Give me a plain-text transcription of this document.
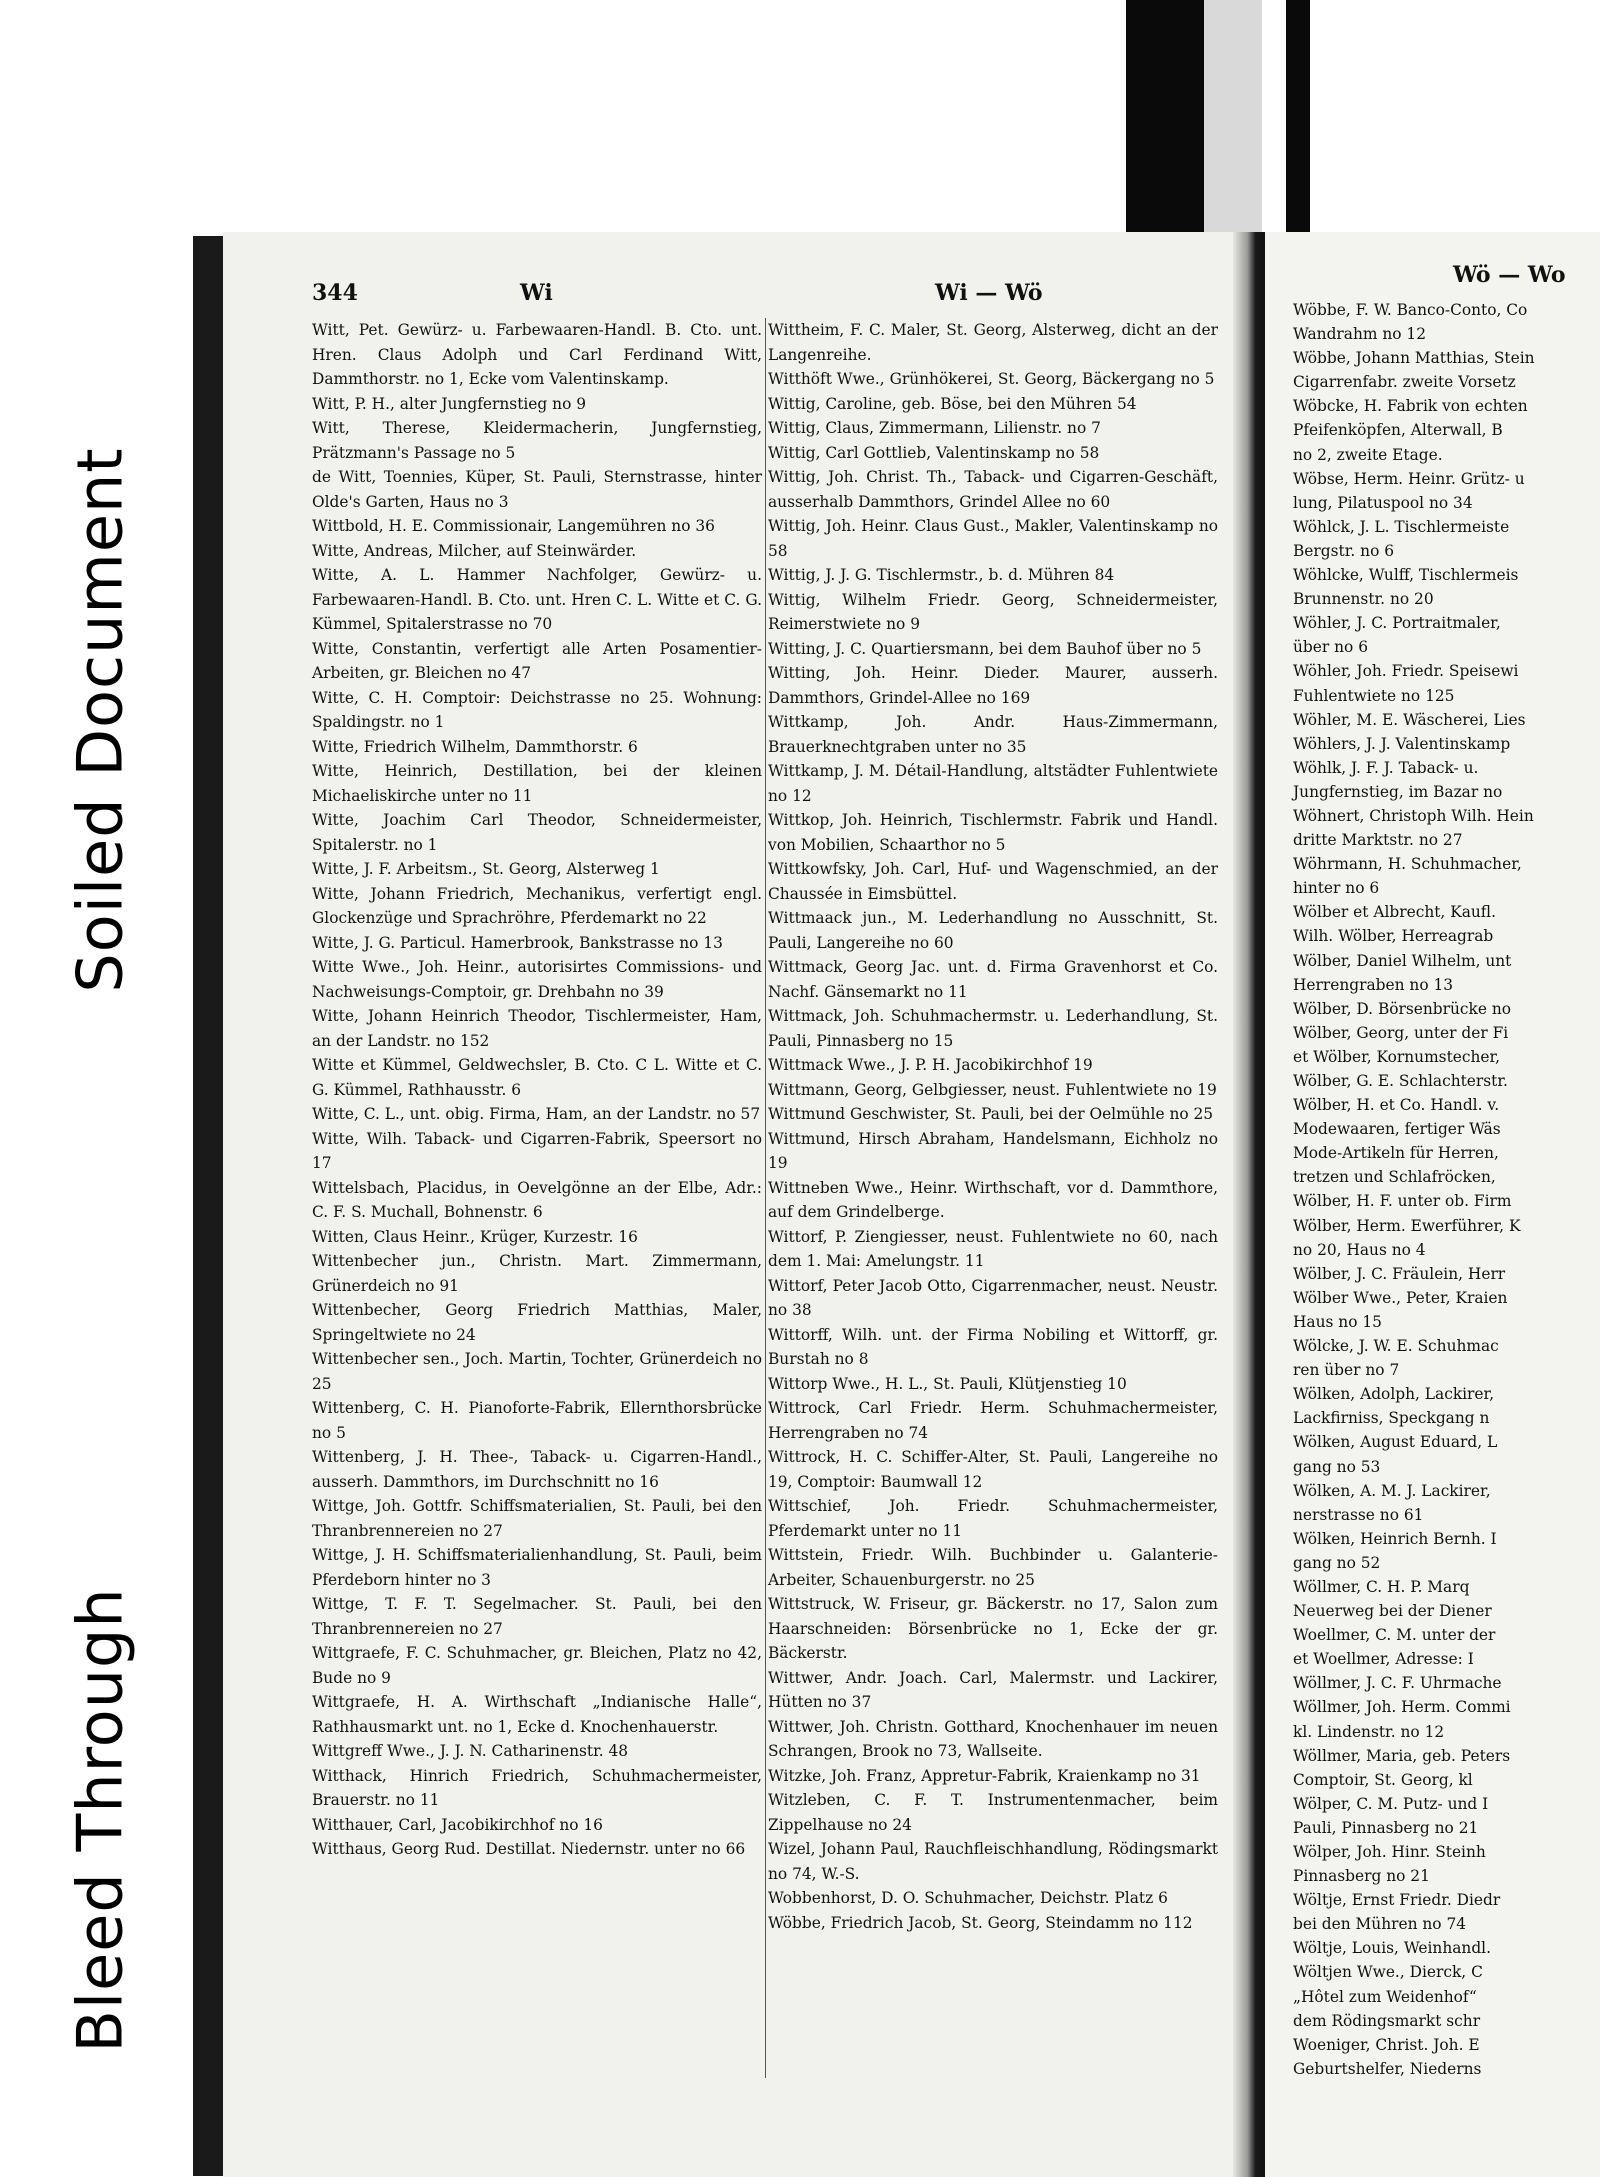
Soiled Document
Bleed Through
344	Wi	Wi — Wö
Wö — Wo

Witt, Pet. Gewürz- u. Farbewaaren-Handl. B. Cto. unt. Hren. Claus Adolph und Carl Ferdinand Witt, Dammthorstr. no 1, Ecke vom Valentinskamp.

Witt, P. H., alter Jungfernstieg no 9

Witt, Therese, Kleidermacherin, Jungfernstieg, Prätzmann's Passage no 5

de Witt, Toennies, Küper, St. Pauli, Sternstrasse, hinter Olde's Garten, Haus no 3

Wittbold, H. E. Commissionair, Langemühren no 36

Witte, Andreas, Milcher, auf Steinwärder.

Witte, A. L. Hammer Nachfolger, Gewürz- u. Farbewaaren-Handl. B. Cto. unt. Hren C. L. Witte et C. G. Kümmel, Spitalerstrasse no 70

Witte, Constantin, verfertigt alle Arten Posamentier-Arbeiten, gr. Bleichen no 47

Witte, C. H. Comptoir: Deichstrasse no 25. Wohnung: Spaldingstr. no 1

Witte, Friedrich Wilhelm, Dammthorstr. 6

Witte, Heinrich, Destillation, bei der kleinen Michaeliskirche unter no 11

Witte, Joachim Carl Theodor, Schneidermeister, Spitalerstr. no 1

Witte, J. F. Arbeitsm., St. Georg, Alsterweg 1

Witte, Johann Friedrich, Mechanikus, verfertigt engl. Glockenzüge und Sprachröhre, Pferdemarkt no 22

Witte, J. G. Particul. Hamerbrook, Bankstrasse no 13

Witte Wwe., Joh. Heinr., autorisirtes Commissions- und Nachweisungs-Comptoir, gr. Drehbahn no 39

Witte, Johann Heinrich Theodor, Tischlermeister, Ham, an der Landstr. no 152

Witte et Kümmel, Geldwechsler, B. Cto. C L. Witte et C. G. Kümmel, Rathhausstr. 6

Witte, C. L., unt. obig. Firma, Ham, an der Landstr. no 57

Witte, Wilh. Taback- und Cigarren-Fabrik, Speersort no 17

Wittelsbach, Placidus, in Oevelgönne an der Elbe, Adr.: C. F. S. Muchall, Bohnenstr. 6

Witten, Claus Heinr., Krüger, Kurzestr. 16

Wittenbecher jun., Christn. Mart. Zimmermann, Grünerdeich no 91

Wittenbecher, Georg Friedrich Matthias, Maler, Springeltwiete no 24

Wittenbecher sen., Joch. Martin, Tochter, Grünerdeich no 25

Wittenberg, C. H. Pianoforte-Fabrik, Ellernthorsbrücke no 5

Wittenberg, J. H. Thee-, Taback- u. Cigarren-Handl., ausserh. Dammthors, im Durchschnitt no 16

Wittge, Joh. Gottfr. Schiffsmaterialien, St. Pauli, bei den Thranbrennereien no 27

Wittge, J. H. Schiffsmaterialienhandlung, St. Pauli, beim Pferdeborn hinter no 3

Wittge, T. F. T. Segelmacher. St. Pauli, bei den Thranbrennereien no 27

Wittgraefe, F. C. Schuhmacher, gr. Bleichen, Platz no 42, Bude no 9

Wittgraefe, H. A. Wirthschaft „Indianische Halle“, Rathhausmarkt unt. no 1, Ecke d. Knochenhauerstr.

Wittgreff Wwe., J. J. N. Catharinenstr. 48

Witthack, Hinrich Friedrich, Schuhmachermeister, Brauerstr. no 11

Witthauer, Carl, Jacobikirchhof no 16

Witthaus, Georg Rud. Destillat. Niedernstr. unter no 66

Wittheim, F. C. Maler, St. Georg, Alsterweg, dicht an der Langenreihe.

Witthöft Wwe., Grünhökerei, St. Georg, Bäckergang no 5

Wittig, Caroline, geb. Böse, bei den Mühren 54

Wittig, Claus, Zimmermann, Lilienstr. no 7

Wittig, Carl Gottlieb, Valentinskamp no 58

Wittig, Joh. Christ. Th., Taback- und Cigarren-Geschäft, ausserhalb Dammthors, Grindel Allee no 60

Wittig, Joh. Heinr. Claus Gust., Makler, Valentinskamp no 58

Wittig, J. J. G. Tischlermstr., b. d. Mühren 84

Wittig, Wilhelm Friedr. Georg, Schneidermeister, Reimerstwiete no 9

Witting, J. C. Quartiersmann, bei dem Bauhof über no 5

Witting, Joh. Heinr. Dieder. Maurer, ausserh. Dammthors, Grindel-Allee no 169

Wittkamp, Joh. Andr. Haus-Zimmermann, Brauerknechtgraben unter no 35

Wittkamp, J. M. Détail-Handlung, altstädter Fuhlentwiete no 12

Wittkop, Joh. Heinrich, Tischlermstr. Fabrik und Handl. von Mobilien, Schaarthor no 5

Wittkowfsky, Joh. Carl, Huf- und Wagenschmied, an der Chaussée in Eimsbüttel.

Wittmaack jun., M. Lederhandlung no Ausschnitt, St. Pauli, Langereihe no 60

Wittmack, Georg Jac. unt. d. Firma Gravenhorst et Co. Nachf. Gänsemarkt no 11

Wittmack, Joh. Schuhmachermstr. u. Lederhandlung, St. Pauli, Pinnasberg no 15

Wittmack Wwe., J. P. H. Jacobikirchhof 19

Wittmann, Georg, Gelbgiesser, neust. Fuhlentwiete no 19

Wittmund Geschwister, St. Pauli, bei der Oelmühle no 25

Wittmund, Hirsch Abraham, Handelsmann, Eichholz no 19

Wittneben Wwe., Heinr. Wirthschaft, vor d. Dammthore, auf dem Grindelberge.

Wittorf, P. Ziengiesser, neust. Fuhlentwiete no 60, nach dem 1. Mai: Amelungstr. 11

Wittorf, Peter Jacob Otto, Cigarrenmacher, neust. Neustr. no 38

Wittorff, Wilh. unt. der Firma Nobiling et Wittorff, gr. Burstah no 8

Wittorp Wwe., H. L., St. Pauli, Klütjenstieg 10

Wittrock, Carl Friedr. Herm. Schuhmachermeister, Herrengraben no 74

Wittrock, H. C. Schiffer-Alter, St. Pauli, Langereihe no 19, Comptoir: Baumwall 12

Wittschief, Joh. Friedr. Schuhmachermeister, Pferdemarkt unter no 11

Wittstein, Friedr. Wilh. Buchbinder u. Galanterie-Arbeiter, Schauenburgerstr. no 25

Wittstruck, W. Friseur, gr. Bäckerstr. no 17, Salon zum Haarschneiden: Börsenbrücke no 1, Ecke der gr. Bäckerstr.

Wittwer, Andr. Joach. Carl, Malermstr. und Lackirer, Hütten no 37

Wittwer, Joh. Christn. Gotthard, Knochenhauer im neuen Schrangen, Brook no 73, Wallseite.

Witzke, Joh. Franz, Appretur-Fabrik, Kraienkamp no 31

Witzleben, C. F. T. Instrumentenmacher, beim Zippelhause no 24

Wizel, Johann Paul, Rauchfleischhandlung, Rödingsmarkt no 74, W.-S.

Wobbenhorst, D. O. Schuhmacher, Deichstr. Platz 6

Wöbbe, Friedrich Jacob, St. Georg, Steindamm no 112

Wöbbe, F. W. Banco-Conto, Co

Wandrahm no 12

Wöbbe, Johann Matthias, Stein

Cigarrenfabr. zweite Vorsetz

Wöbcke, H. Fabrik von echten

Pfeifenköpfen, Alterwall, B

no 2, zweite Etage.

Wöbse, Herm. Heinr. Grütz- u

lung, Pilatuspool no 34

Wöhlck, J. L. Tischlermeiste

Bergstr. no 6

Wöhlcke, Wulff, Tischlermeis

Brunnenstr. no 20

Wöhler, J. C. Portraitmaler,

über no 6

Wöhler, Joh. Friedr. Speisewi

Fuhlentwiete no 125

Wöhler, M. E. Wäscherei, Lies

Wöhlers, J. J. Valentinskamp

Wöhlk, J. F. J. Taback- u.

Jungfernstieg, im Bazar no

Wöhnert, Christoph Wilh. Hein

dritte Marktstr. no 27

Wöhrmann, H. Schuhmacher,

hinter no 6

Wölber et Albrecht, Kaufl.

Wilh. Wölber, Herreagrab

Wölber, Daniel Wilhelm, unt

Herrengraben no 13

Wölber, D. Börsenbrücke no

Wölber, Georg, unter der Fi

et Wölber, Kornumstecher,

Wölber, G. E. Schlachterstr.

Wölber, H. et Co. Handl. v.

Modewaaren, fertiger Wäs

Mode-Artikeln für Herren,

tretzen und Schlafröcken,

Wölber, H. F. unter ob. Firm

Wölber, Herm. Ewerführer, K

no 20, Haus no 4

Wölber, J. C. Fräulein, Herr

Wölber Wwe., Peter, Kraien

Haus no 15

Wölcke, J. W. E. Schuhmac

ren über no 7

Wölken, Adolph, Lackirer,

Lackfirniss, Speckgang n

Wölken, August Eduard, L

gang no 53

Wölken, A. M. J. Lackirer,

nerstrasse no 61

Wölken, Heinrich Bernh. I

gang no 52

Wöllmer, C. H. P. Marq

Neuerweg bei der Diener

Woellmer, C. M. unter der

et Woellmer, Adresse: I

Wöllmer, J. C. F. Uhrmache

Wöllmer, Joh. Herm. Commi

kl. Lindenstr. no 12

Wöllmer, Maria, geb. Peters

Comptoir, St. Georg, kl

Wölper, C. M. Putz- und I

Pauli, Pinnasberg no 21

Wölper, Joh. Hinr. Steinh

Pinnasberg no 21

Wöltje, Ernst Friedr. Diedr

bei den Mühren no 74

Wöltje, Louis, Weinhandl.

Wöltjen Wwe., Dierck, C

„Hôtel zum Weidenhof“

dem Rödingsmarkt schr

Woeniger, Christ. Joh. E

Geburtshelfer, Niederns
